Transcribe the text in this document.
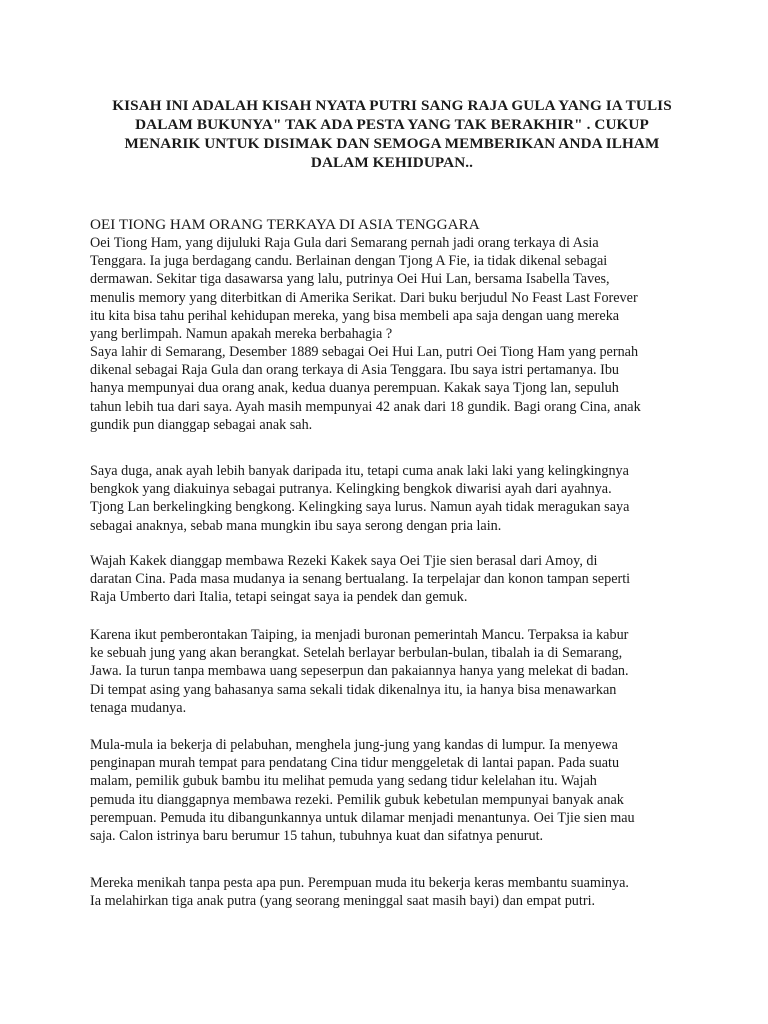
KISAH INI ADALAH KISAH NYATA PUTRI SANG RAJA GULA YANG IA TULIS
DALAM BUKUNYA" TAK ADA PESTA YANG TAK BERAKHIR" . CUKUP
MENARIK UNTUK DISIMAK DAN SEMOGA MEMBERIKAN ANDA ILHAM
DALAM KEHIDUPAN..
OEI TIONG HAM ORANG TERKAYA DI ASIA TENGGARA
Oei Tiong Ham, yang dijuluki Raja Gula dari Semarang pernah jadi orang terkaya di Asia
Tenggara. Ia juga berdagang candu. Berlainan dengan Tjong A Fie, ia tidak dikenal sebagai
dermawan. Sekitar tiga dasawarsa yang lalu, putrinya Oei Hui Lan, bersama Isabella Taves,
menulis memory yang diterbitkan di Amerika Serikat. Dari buku berjudul No Feast Last Forever
itu kita bisa tahu perihal kehidupan mereka, yang bisa membeli apa saja dengan uang mereka
yang berlimpah. Namun apakah mereka berbahagia ?
Saya lahir di Semarang, Desember 1889 sebagai Oei Hui Lan, putri Oei Tiong Ham yang pernah
dikenal sebagai Raja Gula dan orang terkaya di Asia Tenggara. Ibu saya istri pertamanya. Ibu
hanya mempunyai dua orang anak, kedua duanya perempuan. Kakak saya Tjong lan, sepuluh
tahun lebih tua dari saya. Ayah masih mempunyai 42 anak dari 18 gundik. Bagi orang Cina, anak
gundik pun dianggap sebagai anak sah.
Saya duga, anak ayah lebih banyak daripada itu, tetapi cuma anak laki laki yang kelingkingnya
bengkok yang diakuinya sebagai putranya. Kelingking bengkok diwarisi ayah dari ayahnya.
Tjong Lan berkelingking bengkong. Kelingking saya lurus. Namun ayah tidak meragukan saya
sebagai anaknya, sebab mana mungkin ibu saya serong dengan pria lain.
Wajah Kakek dianggap membawa Rezeki Kakek saya Oei Tjie sien berasal dari Amoy, di
daratan Cina. Pada masa mudanya ia senang bertualang. Ia terpelajar dan konon tampan seperti
Raja Umberto dari Italia, tetapi seingat saya ia pendek dan gemuk.
Karena ikut pemberontakan Taiping, ia menjadi buronan pemerintah Mancu. Terpaksa ia kabur
ke sebuah jung yang akan berangkat. Setelah berlayar berbulan-bulan, tibalah ia di Semarang,
Jawa. Ia turun tanpa membawa uang sepeserpun dan pakaiannya hanya yang melekat di badan.
Di tempat asing yang bahasanya sama sekali tidak dikenalnya itu, ia hanya bisa menawarkan
tenaga mudanya.
Mula-mula ia bekerja di pelabuhan, menghela jung-jung yang kandas di lumpur. Ia menyewa
penginapan murah tempat para pendatang Cina tidur menggeletak di lantai papan. Pada suatu
malam, pemilik gubuk bambu itu melihat pemuda yang sedang tidur kelelahan itu. Wajah
pemuda itu dianggapnya membawa rezeki. Pemilik gubuk kebetulan mempunyai banyak anak
perempuan. Pemuda itu dibangunkannya untuk dilamar menjadi menantunya. Oei Tjie sien mau
saja. Calon istrinya baru berumur 15 tahun, tubuhnya kuat dan sifatnya penurut.
Mereka menikah tanpa pesta apa pun. Perempuan muda itu bekerja keras membantu suaminya.
Ia melahirkan tiga anak putra (yang seorang meninggal saat masih bayi) dan empat putri.
